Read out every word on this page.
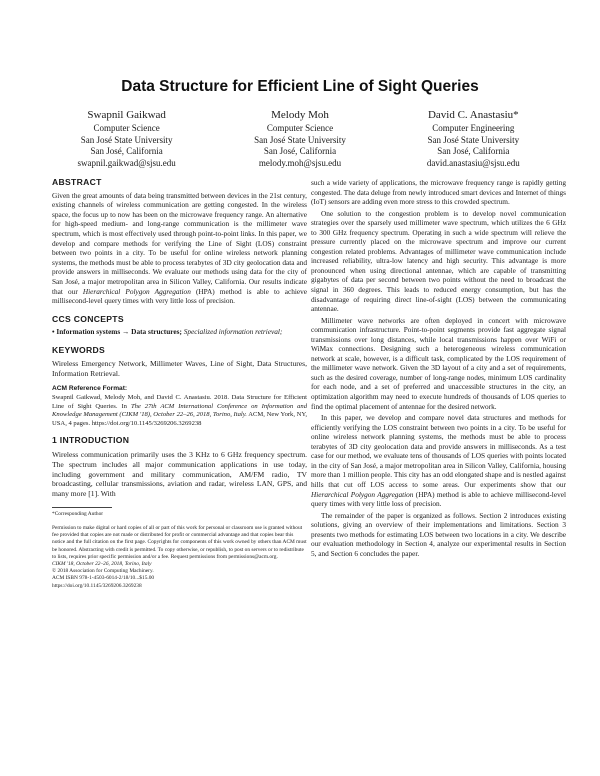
Data Structure for Efficient Line of Sight Queries
Swapnil Gaikwad
Computer Science
San José State University
San José, California
swapnil.gaikwad@sjsu.edu
Melody Moh
Computer Science
San José State University
San José, California
melody.moh@sjsu.edu
David C. Anastasiu*
Computer Engineering
San José State University
San José, California
david.anastasiu@sjsu.edu
ABSTRACT

Given the great amounts of data being transmitted between devices in the 21st century, existing channels of wireless communication are getting congested. In the wireless space, the focus up to now has been on the microwave frequency range. An alternative for high-speed medium- and long-range communication is the millimeter wave spectrum, which is most effectively used through point-to-point links. In this paper, we develop and compare methods for verifying the Line of Sight (LOS) constraint between two points in a city. To be useful for online wireless network planning systems, the methods must be able to process terabytes of 3D city geolocation data and provide answers in milliseconds. We evaluate our methods using data for the city of San José, a major metropolitan area in Silicon Valley, California. Our results indicate that our Hierarchical Polygon Aggregation (HPA) method is able to achieve millisecond-level query times with very little loss of precision.

CCS CONCEPTS

• Information systems → Data structures; Specialized information retrieval;

KEYWORDS

Wireless Emergency Network, Millimeter Waves, Line of Sight, Data Structures, Information Retrieval.

ACM Reference Format:

Swapnil Gaikwad, Melody Moh, and David C. Anastasiu. 2018. Data Structure for Efficient Line of Sight Queries. In The 27th ACM International Conference on Information and Knowledge Management (CIKM '18), October 22–26, 2018, Torino, Italy. ACM, New York, NY, USA, 4 pages. https://doi.org/10.1145/3269206.3269238

1 INTRODUCTION

Wireless communication primarily uses the 3 KHz to 6 GHz frequency spectrum. The spectrum includes all major communication applications in use today, including government and military communication, AM/FM radio, TV broadcasting, cellular transmissions, aviation and radar, wireless LAN, GPS, and many more [1]. With

*Corresponding Author
Permission to make digital or hard copies of all or part of this work for personal or classroom use is granted without fee provided that copies are not made or distributed for profit or commercial advantage and that copies bear this notice and the full citation on the first page. Copyrights for components of this work owned by others than ACM must be honored. Abstracting with credit is permitted. To copy otherwise, or republish, to post on servers or to redistribute to lists, requires prior specific permission and/or a fee. Request permissions from permissions@acm.org.
CIKM '18, October 22–26, 2018, Torino, Italy
© 2018 Association for Computing Machinery.
ACM ISBN 978-1-4503-6014-2/18/10...$15.00
https://doi.org/10.1145/3269206.3269238

such a wide variety of applications, the microwave frequency range is rapidly getting congested. The data deluge from newly introduced smart devices and Internet of things (IoT) sensors are adding even more stress to this crowded spectrum.

One solution to the congestion problem is to develop novel communication strategies over the sparsely used millimeter wave spectrum, which utilizes the 6 GHz to 300 GHz frequency spectrum. Operating in such a wide spectrum will relieve the pressure currently placed on the microwave spectrum and improve our current congestion related problems. Advantages of millimeter wave communication include increased reliability, ultra-low latency and high security. This advantage is more pronounced when using directional antennae, which are capable of transmitting gigabytes of data per second between two points without the need to broadcast the signal in 360 degrees. This leads to reduced energy consumption, but has the disadvantage of requiring direct line-of-sight (LOS) between the communicating antennae.

Millimeter wave networks are often deployed in concert with microwave communication infrastructure. Point-to-point segments provide fast aggregate signal transmissions over long distances, while local transmissions happen over WiFi or WiMax connections. Designing such a heterogeneous wireless communication network at scale, however, is a difficult task, complicated by the LOS requirement of the millimeter wave network. Given the 3D layout of a city and a set of requirements, such as the desired coverage, number of long-range nodes, minimum LOS cardinality for each node, and a set of preferred and unaccessible structures in the city, an optimization algorithm may need to execute hundreds of thousands of LOS queries to find the optimal placement of antennae for the desired network.

In this paper, we develop and compare novel data structures and methods for efficiently verifying the LOS constraint between two points in a city. To be useful for online wireless network planning systems, the methods must be able to process terabytes of 3D city geolocation data and provide answers in milliseconds. As a test case for our method, we evaluate tens of thousands of LOS queries with points located in the city of San José, a major metropolitan area in Silicon Valley, California, housing more than 1 million people. This city has an odd elongated shape and is nestled against hills that cut off LOS access to some areas. Our experiments show that our Hierarchical Polygon Aggregation (HPA) method is able to achieve millisecond-level query times with very little loss of precision.

The remainder of the paper is organized as follows. Section 2 introduces existing solutions, giving an overview of their implementations and limitations. Section 3 presents two methods for estimating LOS between two locations in a city. We describe our evaluation methodology in Section 4, analyze our experimental results in Section 5, and Section 6 concludes the paper.
